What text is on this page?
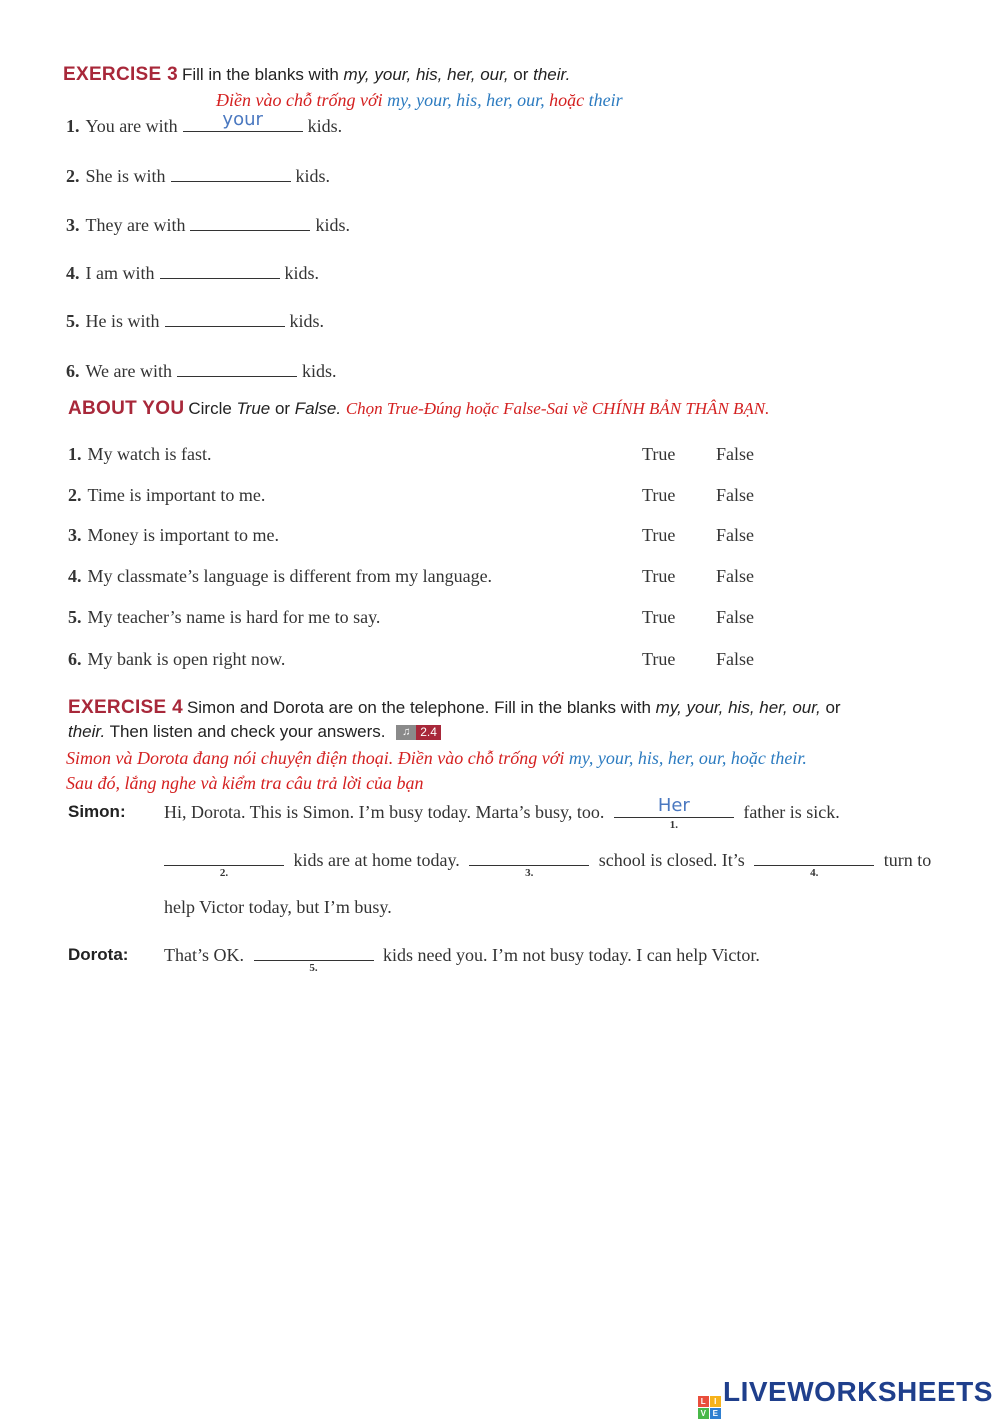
EXERCISE 3 Fill in the blanks with my, your, his, her, our, or their.
Điền vào chỗ trống với my, your, his, her, our, hoặc their
1. You are with
your	kids.
2. She is with	kids.
3. They are with	kids.
4. I am with	kids.
5. He is with	kids.
6. We are with	kids.
ABOUT YOU Circle True or False. Chọn True-Đúng hoặc False-Sai về CHÍNH BẢN THÂN BẠN.
1. My watch is fast.	True False
2. Time is important to me.	True False
3. Money is important to me.	True False
4. My classmate’s language is different from my language.	True False
5. My teacher’s name is hard for me to say.	True False
6. My bank is open right now.	True False
EXERCISE 4 Simon and Dorota are on the telephone. Fill in the blanks with my, your, his, her, our, or
their. Then listen and check your answers.	♫ 2.4
Simon và Dorota đang nói chuyện điện thoại. Điền vào chỗ trống với my, your, his, her, our, hoặc their.
Sau đó, lắng nghe và kiểm tra câu trả lời của bạn
Simon: Hi, Dorota. This is Simon. I’m busy today. Marta’s busy, too.
Her
1.
father is sick.
2.
kids are at home today.
3.
school is closed. It’s
4.
turn to
help Victor today, but I’m busy.
Dorota: That’s OK.
5.
kids need you. I’m not busy today. I can help Victor.
L I
V E
LIVEWORKSHEETS
